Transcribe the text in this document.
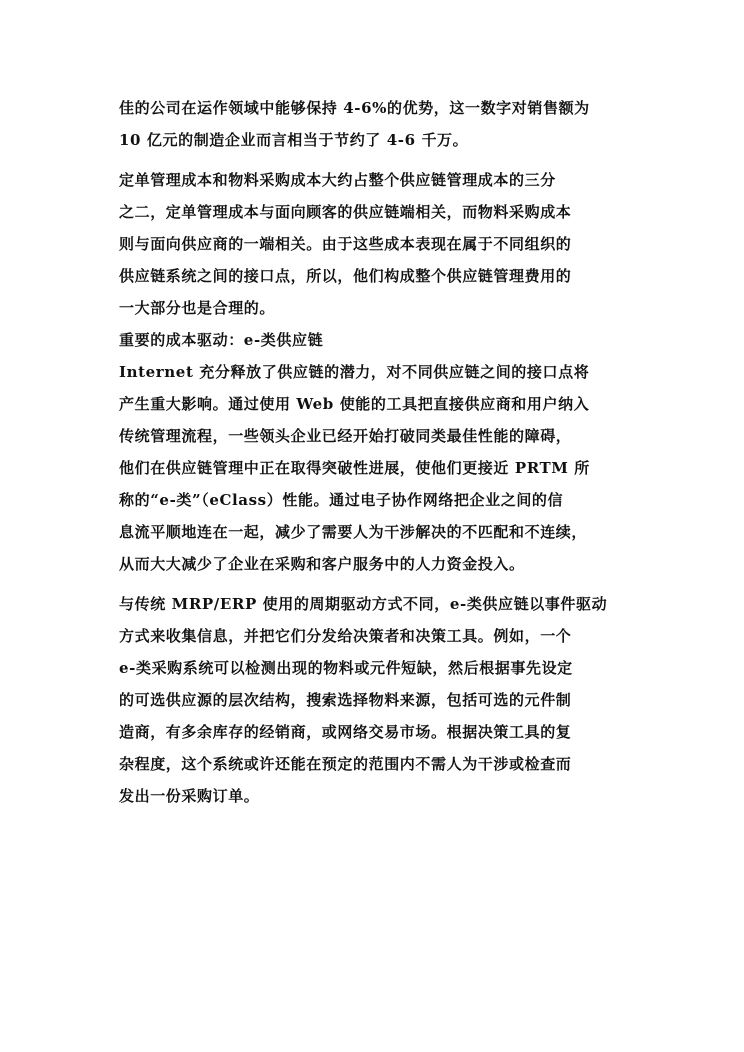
佳的公司在运作领域中能够保持 4-6%的优势，这一数字对销售额为
10 亿元的制造企业而言相当于节约了 4-6 千万。
定单管理成本和物料采购成本大约占整个供应链管理成本的三分
之二，定单管理成本与面向顾客的供应链端相关，而物料采购成本
则与面向供应商的一端相关。由于这些成本表现在属于不同组织的
供应链系统之间的接口点，所以，他们构成整个供应链管理费用的
一大部分也是合理的。
重要的成本驱动：e-类供应链
Internet 充分释放了供应链的潜力，对不同供应链之间的接口点将
产生重大影响。通过使用 Web 使能的工具把直接供应商和用户纳入
传统管理流程，一些领头企业已经开始打破同类最佳性能的障碍，
他们在供应链管理中正在取得突破性进展，使他们更接近 PRTM 所
称的“e-类”（eClass）性能。通过电子协作网络把企业之间的信
息流平顺地连在一起，减少了需要人为干涉解决的不匹配和不连续，
从而大大减少了企业在采购和客户服务中的人力资金投入。
与传统 MRP/ERP 使用的周期驱动方式不同，e-类供应链以事件驱动
方式来收集信息，并把它们分发给决策者和决策工具。例如，一个
e-类采购系统可以检测出现的物料或元件短缺，然后根据事先设定
的可选供应源的层次结构，搜索选择物料来源，包括可选的元件制
造商，有多余库存的经销商，或网络交易市场。根据决策工具的复
杂程度，这个系统或许还能在预定的范围内不需人为干涉或检查而
发出一份采购订单。
